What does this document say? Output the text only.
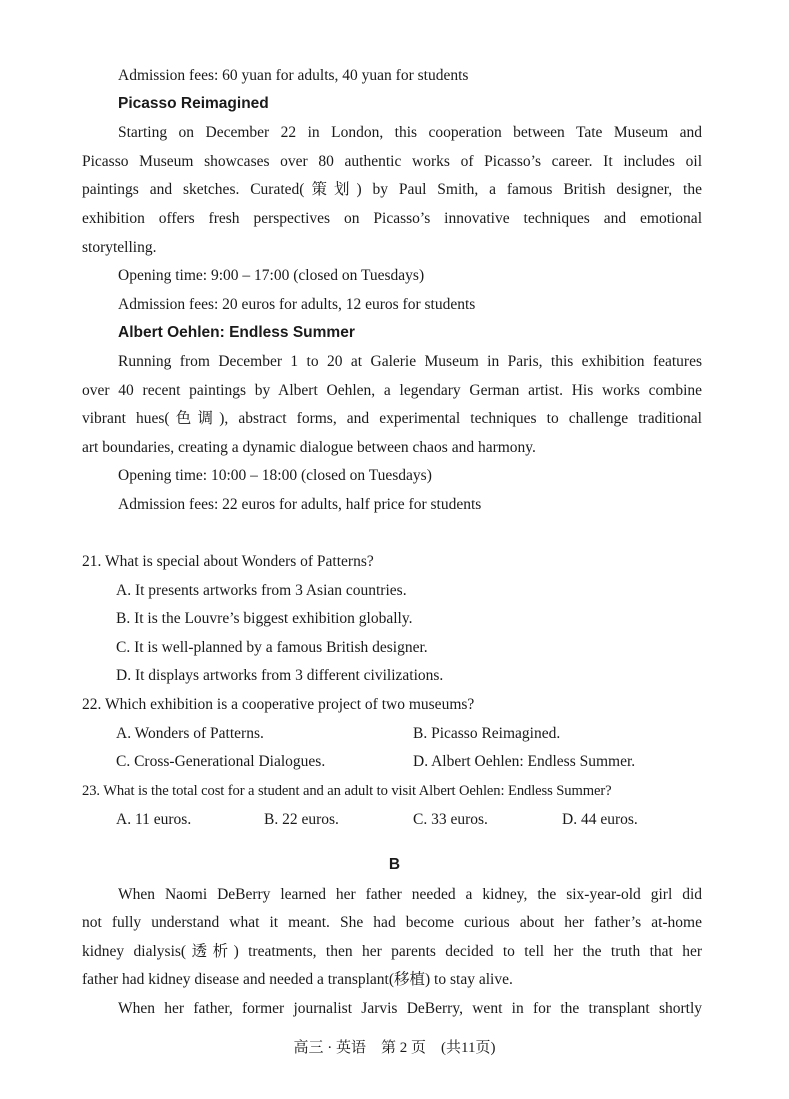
Admission fees: 60 yuan for adults, 40 yuan for students
Picasso Reimagined
Starting on December 22 in London, this cooperation between Tate Museum and
Picasso Museum showcases over 80 authentic works of Picasso’s career. It includes oil
paintings and sketches. Curated(策划) by Paul Smith, a famous British designer, the
exhibition offers fresh perspectives on Picasso’s innovative techniques and emotional
storytelling.
Opening time: 9:00 – 17:00 (closed on Tuesdays)
Admission fees: 20 euros for adults, 12 euros for students
Albert Oehlen: Endless Summer
Running from December 1 to 20 at Galerie Museum in Paris, this exhibition features
over 40 recent paintings by Albert Oehlen, a legendary German artist. His works combine
vibrant hues(色调), abstract forms, and experimental techniques to challenge traditional
art boundaries, creating a dynamic dialogue between chaos and harmony.
Opening time: 10:00 – 18:00 (closed on Tuesdays)
Admission fees: 22 euros for adults, half price for students
21. What is special about Wonders of Patterns?
A. It presents artworks from 3 Asian countries.
B. It is the Louvre’s biggest exhibition globally.
C. It is well-planned by a famous British designer.
D. It displays artworks from 3 different civilizations.
22. Which exhibition is a cooperative project of two museums?
A. Wonders of Patterns.	B. Picasso Reimagined.
C. Cross-Generational Dialogues.	D. Albert Oehlen: Endless Summer.
23. What is the total cost for a student and an adult to visit Albert Oehlen: Endless Summer?
A. 11 euros.	B. 22 euros.	C. 33 euros.	D. 44 euros.
B
When Naomi DeBerry learned her father needed a kidney, the six-year-old girl did
not fully understand what it meant. She had become curious about her father’s at-home
kidney dialysis(透析) treatments, then her parents decided to tell her the truth that her
father had kidney disease and needed a transplant(移植) to stay alive.
When her father, former journalist Jarvis DeBerry, went in for the transplant shortly
高三 · 英语　第 2 页　(共11页)
